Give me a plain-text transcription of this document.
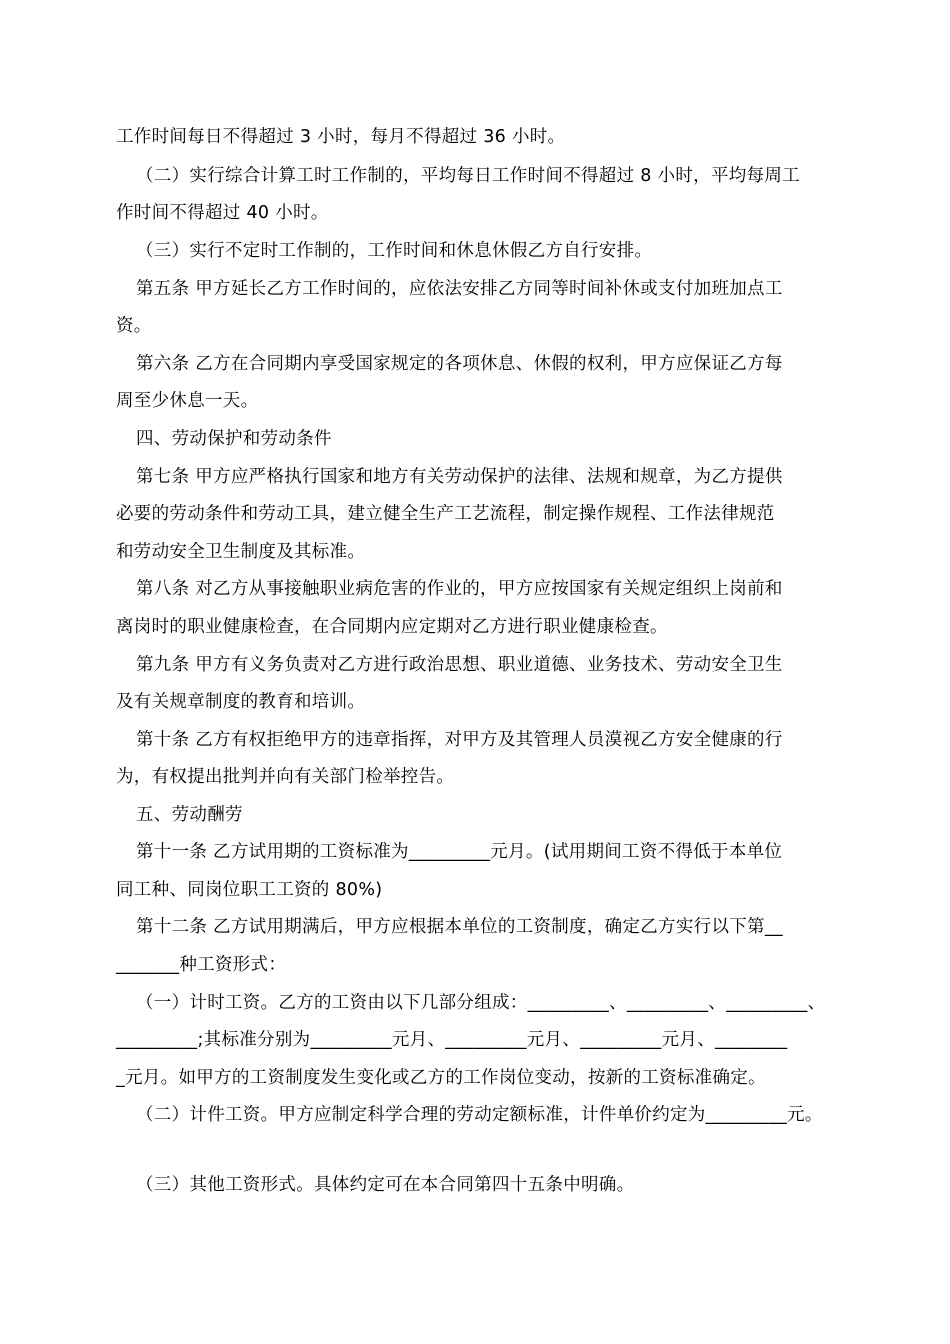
工作时间每日不得超过 3 小时，每月不得超过 36 小时。
（二）实行综合计算工时工作制的，平均每日工作时间不得超过 8 小时，平均每周工
作时间不得超过 40 小时。
（三）实行不定时工作制的，工作时间和休息休假乙方自行安排。
第五条 甲方延长乙方工作时间的，应依法安排乙方同等时间补休或支付加班加点工
资。
第六条 乙方在合同期内享受国家规定的各项休息、休假的权利，甲方应保证乙方每
周至少休息一天。
四、劳动保护和劳动条件
第七条 甲方应严格执行国家和地方有关劳动保护的法律、法规和规章，为乙方提供
必要的劳动条件和劳动工具，建立健全生产工艺流程，制定操作规程、工作法律规范
和劳动安全卫生制度及其标准。
第八条 对乙方从事接触职业病危害的作业的，甲方应按国家有关规定组织上岗前和
离岗时的职业健康检查，在合同期内应定期对乙方进行职业健康检查。
第九条 甲方有义务负责对乙方进行政治思想、职业道德、业务技术、劳动安全卫生
及有关规章制度的教育和培训。
第十条 乙方有权拒绝甲方的违章指挥，对甲方及其管理人员漠视乙方安全健康的行
为，有权提出批判并向有关部门检举控告。
五、劳动酬劳
第十一条 乙方试用期的工资标准为_________元月。(试用期间工资不得低于本单位
同工种、同岗位职工工资的 80%)
第十二条 乙方试用期满后，甲方应根据本单位的工资制度，确定乙方实行以下第__
_______种工资形式：
（一）计时工资。乙方的工资由以下几部分组成：_________、_________、_________、
_________;其标准分别为_________元月、_________元月、_________元月、________
_元月。如甲方的工资制度发生变化或乙方的工作岗位变动，按新的工资标准确定。
（二）计件工资。甲方应制定科学合理的劳动定额标准，计件单价约定为_________元。
（三）其他工资形式。具体约定可在本合同第四十五条中明确。
